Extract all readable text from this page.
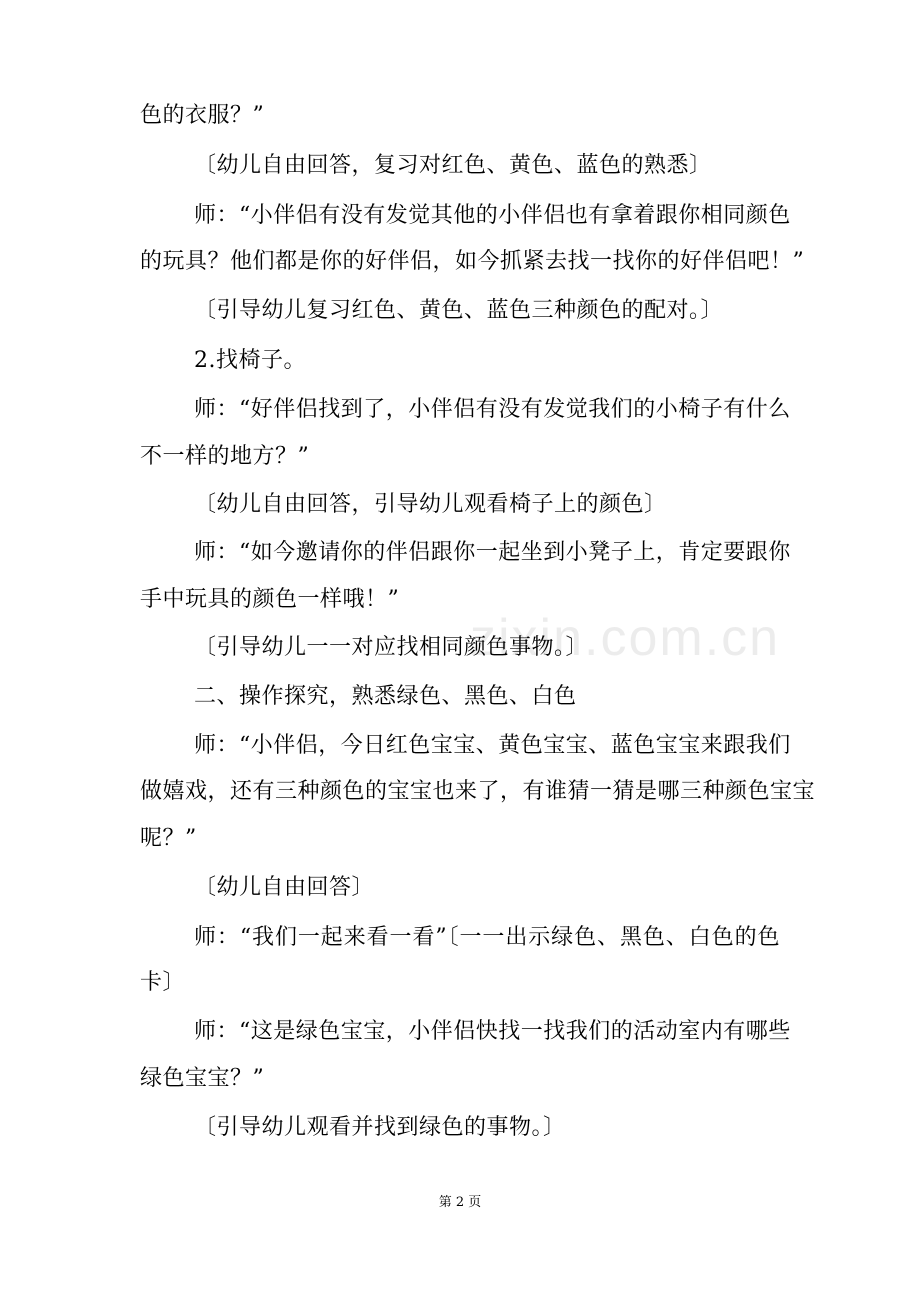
色的衣服？”
〔幼儿自由回答，复习对红色、黄色、蓝色的熟悉〕
师：“小伴侣有没有发觉其他的小伴侣也有拿着跟你相同颜色
的玩具？他们都是你的好伴侣，如今抓紧去找一找你的好伴侣吧！”
〔引导幼儿复习红色、黄色、蓝色三种颜色的配对。〕
2.找椅子。
师：“好伴侣找到了，小伴侣有没有发觉我们的小椅子有什么
不一样的地方？”
〔幼儿自由回答，引导幼儿观看椅子上的颜色〕
师：“如今邀请你的伴侣跟你一起坐到小凳子上，肯定要跟你
手中玩具的颜色一样哦！”
〔引导幼儿一一对应找相同颜色事物。〕
二、操作探究，熟悉绿色、黑色、白色
师：“小伴侣，今日红色宝宝、黄色宝宝、蓝色宝宝来跟我们
做嬉戏，还有三种颜色的宝宝也来了，有谁猜一猜是哪三种颜色宝宝
呢？”
〔幼儿自由回答〕
师：“我们一起来看一看”〔一一出示绿色、黑色、白色的色
卡〕
师：“这是绿色宝宝，小伴侣快找一找我们的活动室内有哪些
绿色宝宝？”
〔引导幼儿观看并找到绿色的事物。〕
zixin.com.cn
第 2 页
